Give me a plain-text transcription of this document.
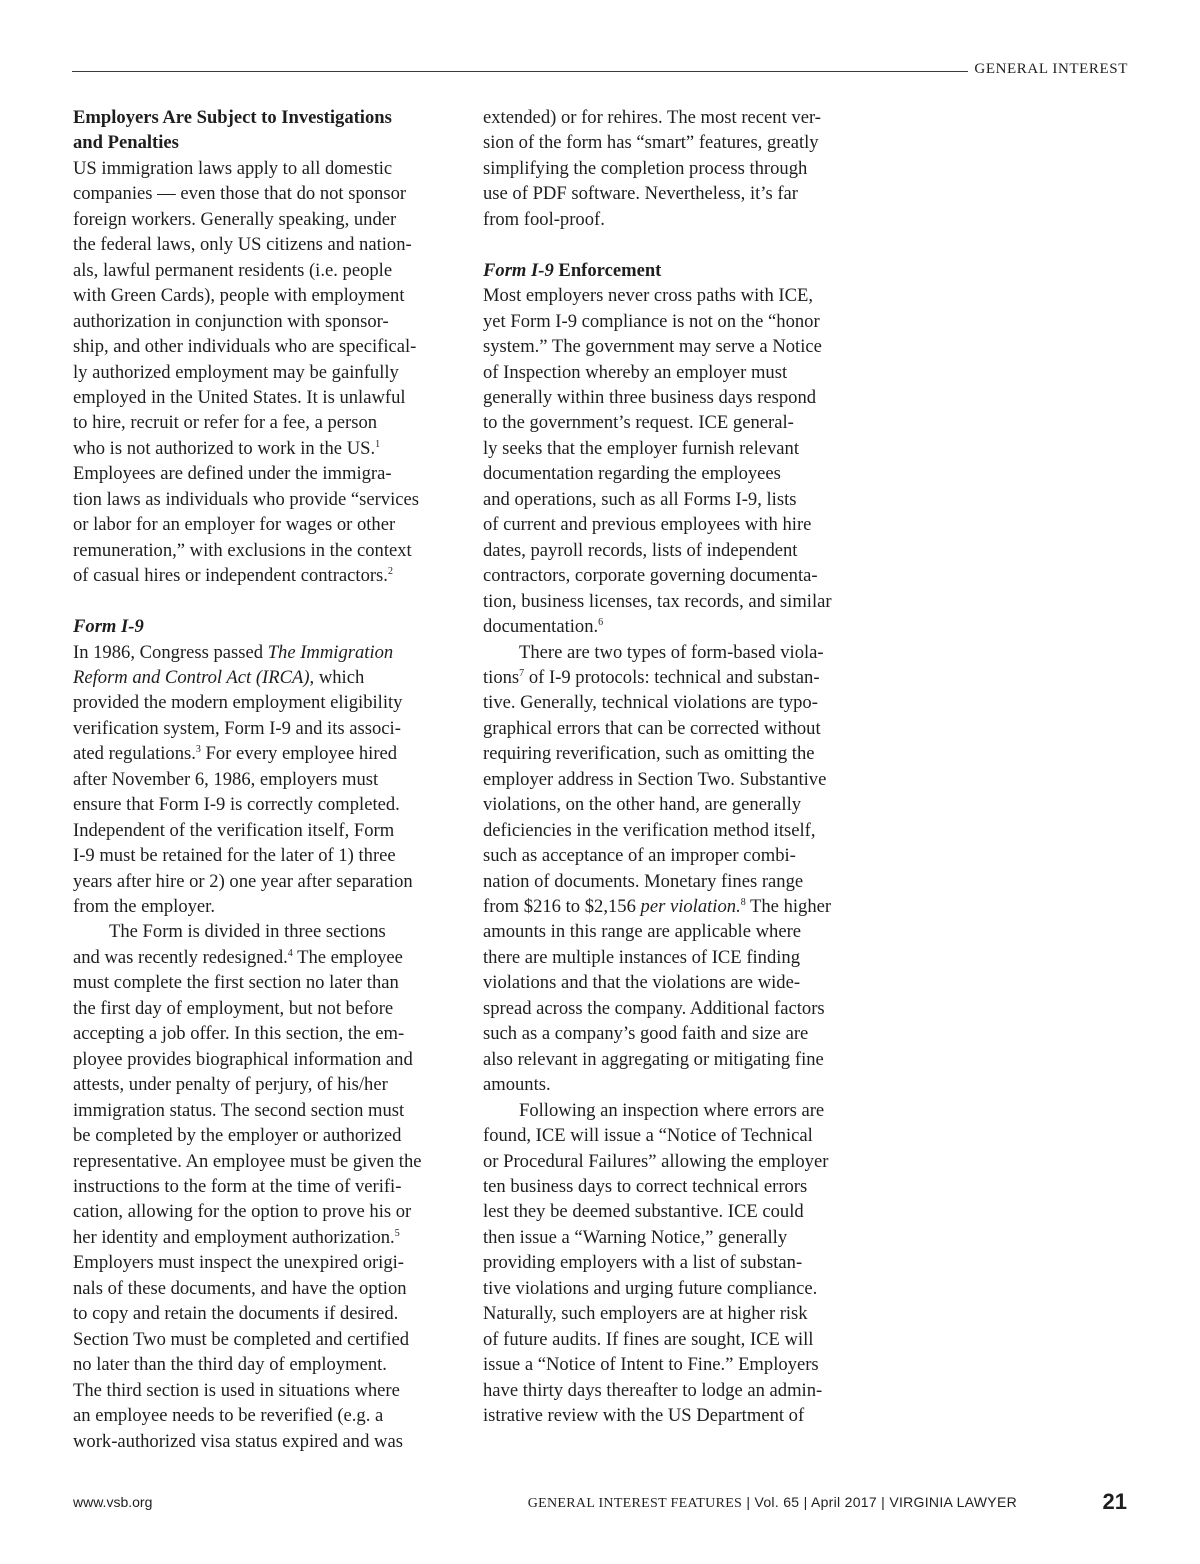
GENERAL INTEREST
Employers Are Subject to Investigations
and Penalties
US immigration laws apply to all domestic
companies — even those that do not sponsor
foreign workers. Generally speaking, under
the federal laws, only US citizens and nation-
als, lawful permanent residents (i.e. people
with Green Cards), people with employment
authorization in conjunction with sponsor-
ship, and other individuals who are specifical-
ly authorized employment may be gainfully
employed in the United States. It is unlawful
to hire, recruit or refer for a fee, a person
who is not authorized to work in the US.$^1$
Employees are defined under the immigra-
tion laws as individuals who provide “services
or labor for an employer for wages or other
remuneration,” with exclusions in the context
of casual hires or independent contractors.$^2$
Form I-9
In 1986, Congress passed The Immigration
Reform and Control Act (IRCA), which
provided the modern employment eligibility
verification system, Form I-9 and its associ-
ated regulations.$^3$ For every employee hired
after November 6, 1986, employers must
ensure that Form I-9 is correctly completed.
Independent of the verification itself, Form
I-9 must be retained for the later of 1) three
years after hire or 2) one year after separation
from the employer.
The Form is divided in three sections
and was recently redesigned.$^4$ The employee
must complete the first section no later than
the first day of employment, but not before
accepting a job offer. In this section, the em-
ployee provides biographical information and
attests, under penalty of perjury, of his/her
immigration status. The second section must
be completed by the employer or authorized
representative. An employee must be given the
instructions to the form at the time of verifi-
cation, allowing for the option to prove his or
her identity and employment authorization.$^5$
Employers must inspect the unexpired origi-
nals of these documents, and have the option
to copy and retain the documents if desired.
Section Two must be completed and certified
no later than the third day of employment.
The third section is used in situations where
an employee needs to be reverified (e.g. a
work-authorized visa status expired and was
extended) or for rehires. The most recent ver-
sion of the form has “smart” features, greatly
simplifying the completion process through
use of PDF software. Nevertheless, it’s far
from fool-proof.
Form I-9 Enforcement
Most employers never cross paths with ICE,
yet Form I-9 compliance is not on the “honor
system.” The government may serve a Notice
of Inspection whereby an employer must
generally within three business days respond
to the government’s request. ICE general-
ly seeks that the employer furnish relevant
documentation regarding the employees
and operations, such as all Forms I-9, lists
of current and previous employees with hire
dates, payroll records, lists of independent
contractors, corporate governing documenta-
tion, business licenses, tax records, and similar
documentation.$^6$
There are two types of form-based viola-
tions$^7$ of I-9 protocols: technical and substan-
tive. Generally, technical violations are typo-
graphical errors that can be corrected without
requiring reverification, such as omitting the
employer address in Section Two. Substantive
violations, on the other hand, are generally
deficiencies in the verification method itself,
such as acceptance of an improper combi-
nation of documents. Monetary fines range
from $216 to $2,156 per violation.$^8$ The higher
amounts in this range are applicable where
there are multiple instances of ICE finding
violations and that the violations are wide-
spread across the company. Additional factors
such as a company’s good faith and size are
also relevant in aggregating or mitigating fine
amounts.
Following an inspection where errors are
found, ICE will issue a “Notice of Technical
or Procedural Failures” allowing the employer
ten business days to correct technical errors
lest they be deemed substantive. ICE could
then issue a “Warning Notice,” generally
providing employers with a list of substan-
tive violations and urging future compliance.
Naturally, such employers are at higher risk
of future audits. If fines are sought, ICE will
issue a “Notice of Intent to Fine.” Employers
have thirty days thereafter to lodge an admin-
istrative review with the US Department of
www.vsb.org	GENERAL INTEREST FEATURES | Vol. 65 | April 2017 | VIRGINIA LAWYER	21
